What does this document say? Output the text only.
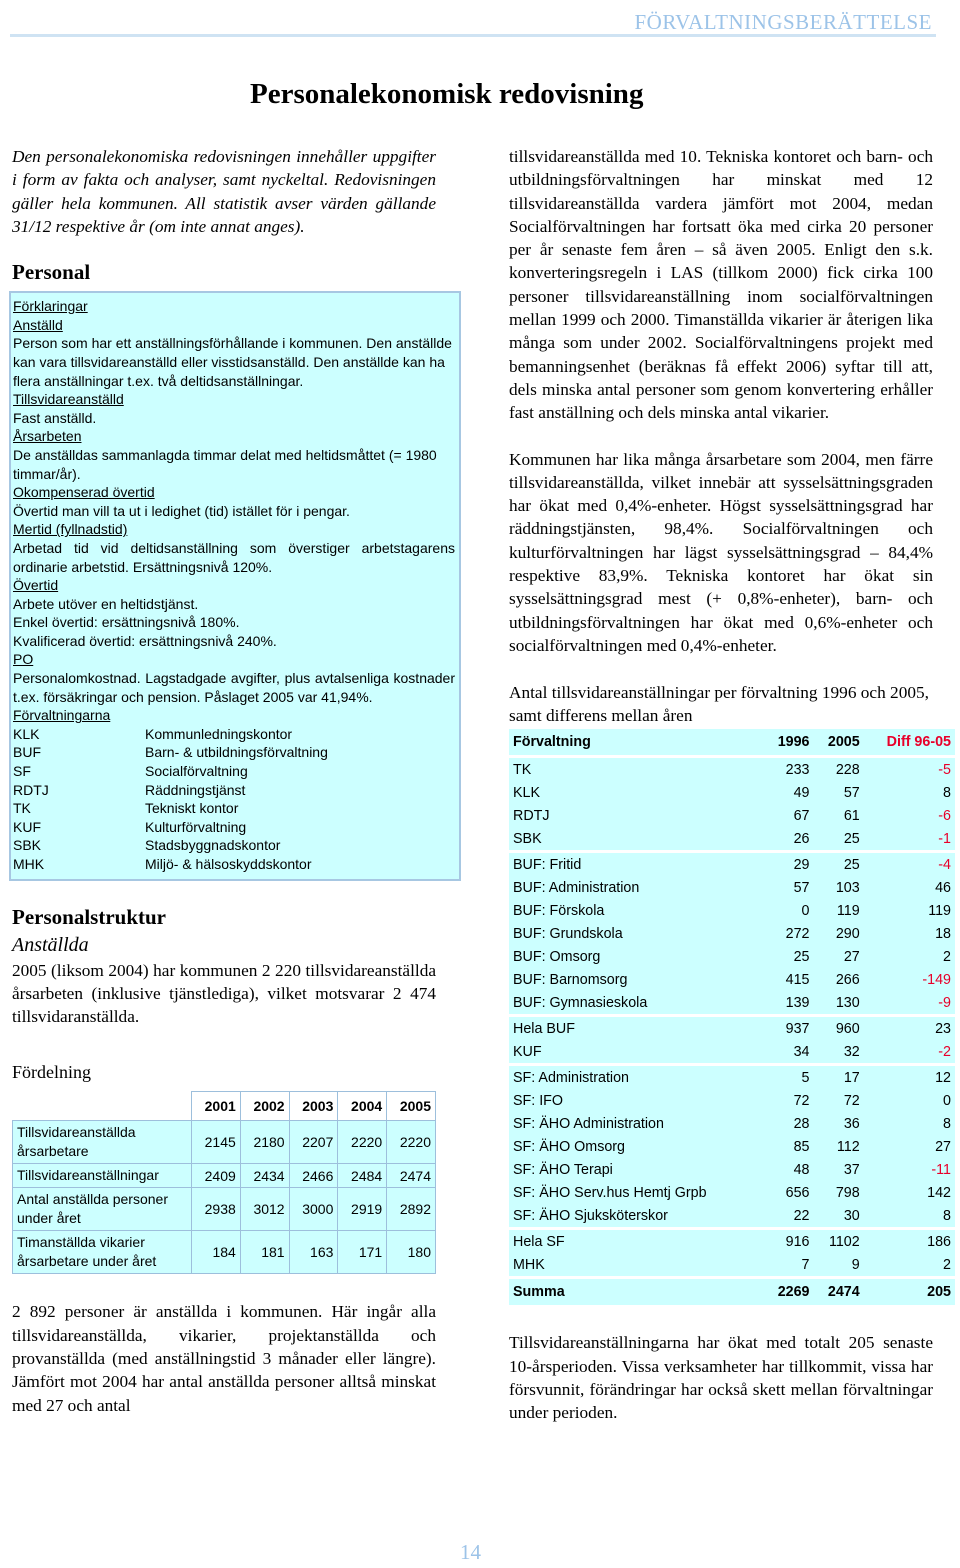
FÖRVALTNINGSBERÄTTELSE
Personalekonomisk redovisning

Den personalekonomiska redovisningen innehåller uppgifter i form av fakta och analyser, samt nyckeltal. Redovisningen gäller hela kommunen. All statistik avser värden gällande 31/12 respektive år (om inte annat anges).

Personal
Förklaringar
Anställd
Person som har ett anställningsförhållande i kommunen. Den anställde kan vara tillsvidareanställd eller visstidsanställd. Den anställde kan ha flera anställningar t.ex. två deltidsanställningar.
Tillsvidareanställd
Fast anställd.
Årsarbeten
De anställdas sammanlagda timmar delat med heltidsmåttet (= 1980 timmar/år).
Okompenserad övertid
Övertid man vill ta ut i ledighet (tid) istället för i pengar.
Mertid (fyllnadstid)
Arbetad tid vid deltidsanställning som överstiger arbetstagarens ordinarie arbetstid. Ersättningsnivå 120%.
Övertid
Arbete utöver en heltidstjänst.
Enkel övertid: ersättningsnivå 180%.
Kvalificerad övertid: ersättningsnivå 240%.
PO
Personalomkostnad. Lagstadgade avgifter, plus avtalsenliga kostnader t.ex. försäkringar och pension. Påslaget 2005 var 41,94%.
Förvaltningarna
KLK	Kommunledningskontor
BUF	Barn- & utbildningsförvaltning
SF	Socialförvaltning
RDTJ	Räddningstjänst
TK	Tekniskt kontor
KUF	Kulturförvaltning
SBK	Stadsbyggnadskontor
MHK	Miljö- & hälsoskyddskontor
Personalstruktur
Anställda

2005 (liksom 2004) har kommunen 2 220 tillsvidareanställda årsarbeten (inklusive tjänstlediga), vilket motsvarar 2 474 tillsvidaranställda.

Fördelning
	2001	2002	2003	2004	2005
Tillsvidareanställda årsarbetare	2145	2180	2207	2220	2220
Tillsvidareanställningar	2409	2434	2466	2484	2474
Antal anställda personer under året	2938	3012	3000	2919	2892
Timanställda vikarier årsarbetare under året	184	181	163	171	180

2 892 personer är anställda i kommunen. Här ingår alla tillsvidareanställda, vikarier, projektanställda och provanställda (med anställningstid 3 månader eller längre). Jämfört mot 2004 har antal anställda personer alltså minskat med 27 och antal

tillsvidareanställda med 10. Tekniska kontoret och barn- och utbildningsförvaltningen har minskat med 12 tillsvidareanställda vardera jämfört mot 2004, medan Socialförvaltningen har fortsatt öka med cirka 20 personer per år senaste fem åren – så även 2005. Enligt den s.k. konverteringsregeln i LAS (tillkom 2000) fick cirka 100 personer tillsvidareanställning inom socialförvaltningen mellan 1999 och 2000. Timanställda vikarier är återigen lika många som under 2002. Socialförvaltningens projekt med bemanningsenhet (beräknas få effekt 2006) syftar till att, dels minska antal personer som genom konvertering erhåller fast anställning och dels minska antal vikarier.

Kommunen har lika många årsarbetare som 2004, men färre tillsvidareanställda, vilket innebär att sysselsättningsgraden har ökat med 0,4%-enheter. Högst sysselsättningsgrad har räddningstjänsten, 98,4%. Socialförvaltningen och kulturförvaltningen har lägst sysselsättningsgrad – 84,4% respektive 83,9%. Tekniska kontoret har ökat sin sysselsättningsgrad mest (+ 0,8%-enheter), barn- och utbildningsförvaltningen har ökat med 0,6%-enheter och socialförvaltningen med 0,4%-enheter.

Antal tillsvidareanställningar per förvaltning 1996 och 2005, samt differens mellan åren
Förvaltning	1996	2005	Diff 96-05
TK	233	228	-5
KLK	49	57	8
RDTJ	67	61	-6
SBK	26	25	-1
BUF: Fritid	29	25	-4
BUF: Administration	57	103	46
BUF: Förskola	0	119	119
BUF: Grundskola	272	290	18
BUF: Omsorg	25	27	2
BUF: Barnomsorg	415	266	-149
BUF: Gymnasieskola	139	130	-9
Hela BUF	937	960	23
KUF	34	32	-2
SF: Administration	5	17	12
SF: IFO	72	72	0
SF: ÄHO Administration	28	36	8
SF: ÄHO Omsorg	85	112	27
SF: ÄHO Terapi	48	37	-11
SF: ÄHO Serv.hus Hemtj Grpb	656	798	142
SF: ÄHO Sjuksköterskor	22	30	8
Hela SF	916	1102	186
MHK	7	9	2
Summa	2269	2474	205

Tillsvidareanställningarna har ökat med totalt 205 senaste 10-årsperioden. Vissa verksamheter har tillkommit, vissa har försvunnit, förändringar har också skett mellan förvaltningar under perioden.

14
